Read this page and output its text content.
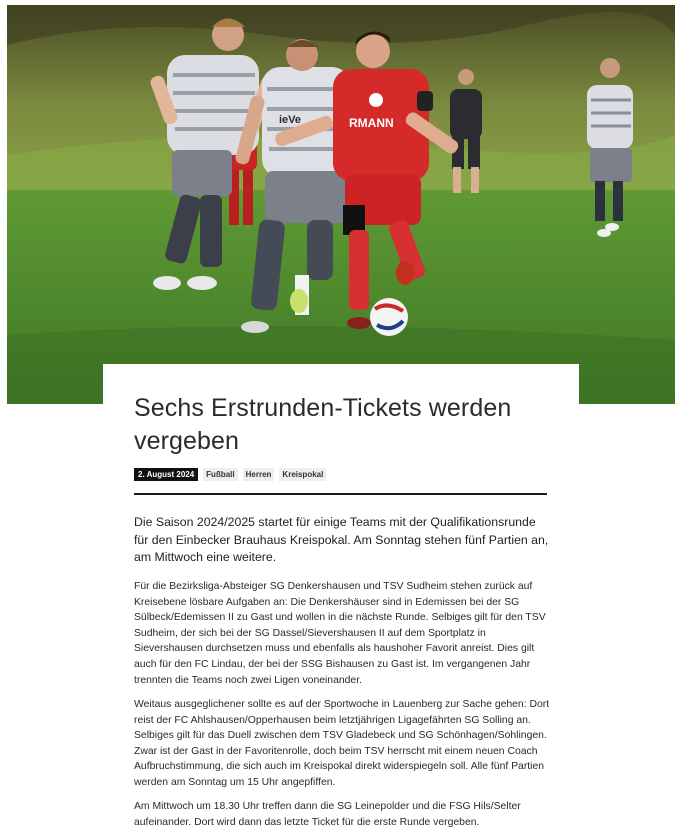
ieVe	RMANN
Sechs Erstrunden-Tickets werden vergeben
2. August 2024	Fußball	Herren	Kreispokal

Die Saison 2024/2025 startet für einige Teams mit der Qualifikationsrunde für den Einbecker Brauhaus Kreispokal. Am Sonntag stehen fünf Partien an, am Mittwoch eine weitere.

Für die Bezirksliga-Absteiger SG Denkershausen und TSV Sudheim stehen zurück auf Kreisebene lösbare Aufgaben an: Die Denkershäuser sind in Edemissen bei der SG Sülbeck/Edemissen II zu Gast und wollen in die nächste Runde. Selbiges gilt für den TSV Sudheim, der sich bei der SG Dassel/Sievershausen II auf dem Sportplatz in Sievershausen durchsetzen muss und ebenfalls als haushoher Favorit anreist. Dies gilt auch für den FC Lindau, der bei der SSG Bishausen zu Gast ist. Im vergangenen Jahr trennten die Teams noch zwei Ligen voneinander.

Weitaus ausgeglichener sollte es auf der Sportwoche in Lauenberg zur Sache gehen: Dort reist der FC Ahlshausen/Opperhausen beim letztjährigen Ligagefährten SG Solling an. Selbiges gilt für das Duell zwischen dem TSV Gladebeck und SG Schönhagen/Sohlingen. Zwar ist der Gast in der Favoritenrolle, doch beim TSV herrscht mit einem neuen Coach Aufbruchstimmung, die sich auch im Kreispokal direkt widerspiegeln soll. Alle fünf Partien werden am Sonntag um 15 Uhr angepfiffen.

Am Mittwoch um 18.30 Uhr treffen dann die SG Leinepolder und die FSG Hils/Selter aufeinander. Dort wird dann das letzte Ticket für die erste Runde vergeben.
